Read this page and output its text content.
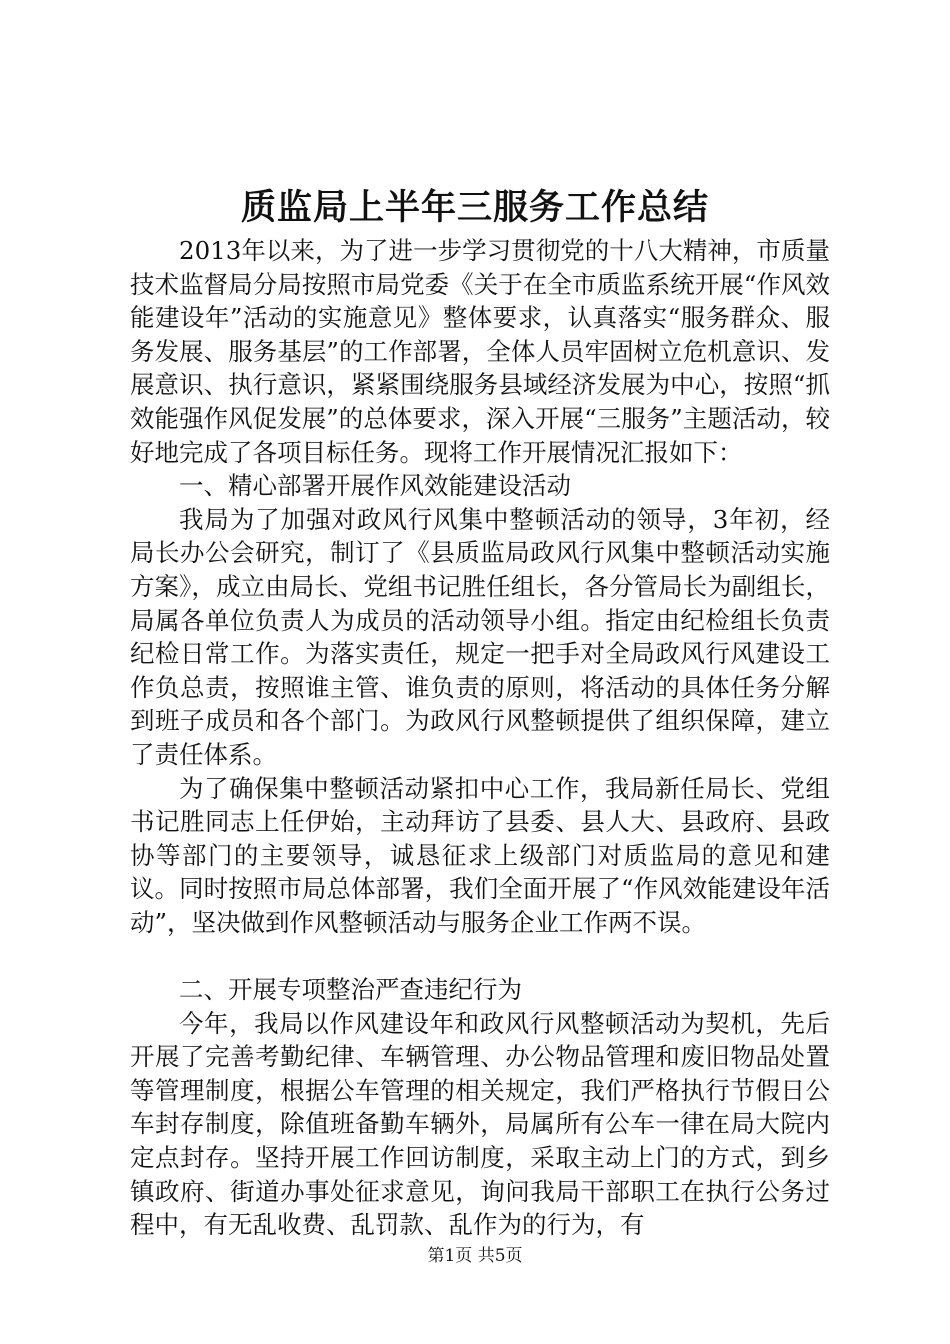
质监局上半年三服务工作总结

2013年以来，为了进一步学习贯彻党的十八大精神，市质量技术监督局分局按照市局党委《关于在全市质监系统开展“作风效能建设年”活动的实施意见》整体要求，认真落实“服务群众、服务发展、服务基层”的工作部署，全体人员牢固树立危机意识、发展意识、执行意识，紧紧围绕服务县域经济发展为中心，按照“抓效能强作风促发展”的总体要求，深入开展“三服务”主题活动，较好地完成了各项目标任务。现将工作开展情况汇报如下：

一、精心部署开展作风效能建设活动

我局为了加强对政风行风集中整顿活动的领导，3年初，经局长办公会研究，制订了《县质监局政风行风集中整顿活动实施方案》，成立由局长、党组书记胜任组长，各分管局长为副组长，局属各单位负责人为成员的活动领导小组。指定由纪检组长负责纪检日常工作。为落实责任，规定一把手对全局政风行风建设工作负总责，按照谁主管、谁负责的原则，将活动的具体任务分解到班子成员和各个部门。为政风行风整顿提供了组织保障，建立了责任体系。

为了确保集中整顿活动紧扣中心工作，我局新任局长、党组书记胜同志上任伊始，主动拜访了县委、县人大、县政府、县政协等部门的主要领导，诚恳征求上级部门对质监局的意见和建议。同时按照市局总体部署，我们全面开展了“作风效能建设年活动”，坚决做到作风整顿活动与服务企业工作两不误。

二、开展专项整治严查违纪行为

今年，我局以作风建设年和政风行风整顿活动为契机，先后开展了完善考勤纪律、车辆管理、办公物品管理和废旧物品处置等管理制度，根据公车管理的相关规定，我们严格执行节假日公车封存制度，除值班备勤车辆外，局属所有公车一律在局大院内定点封存。坚持开展工作回访制度，采取主动上门的方式，到乡镇政府、街道办事处征求意见，询问我局干部职工在执行公务过程中，有无乱收费、乱罚款、乱作为的行为，有

第1页 共5页
